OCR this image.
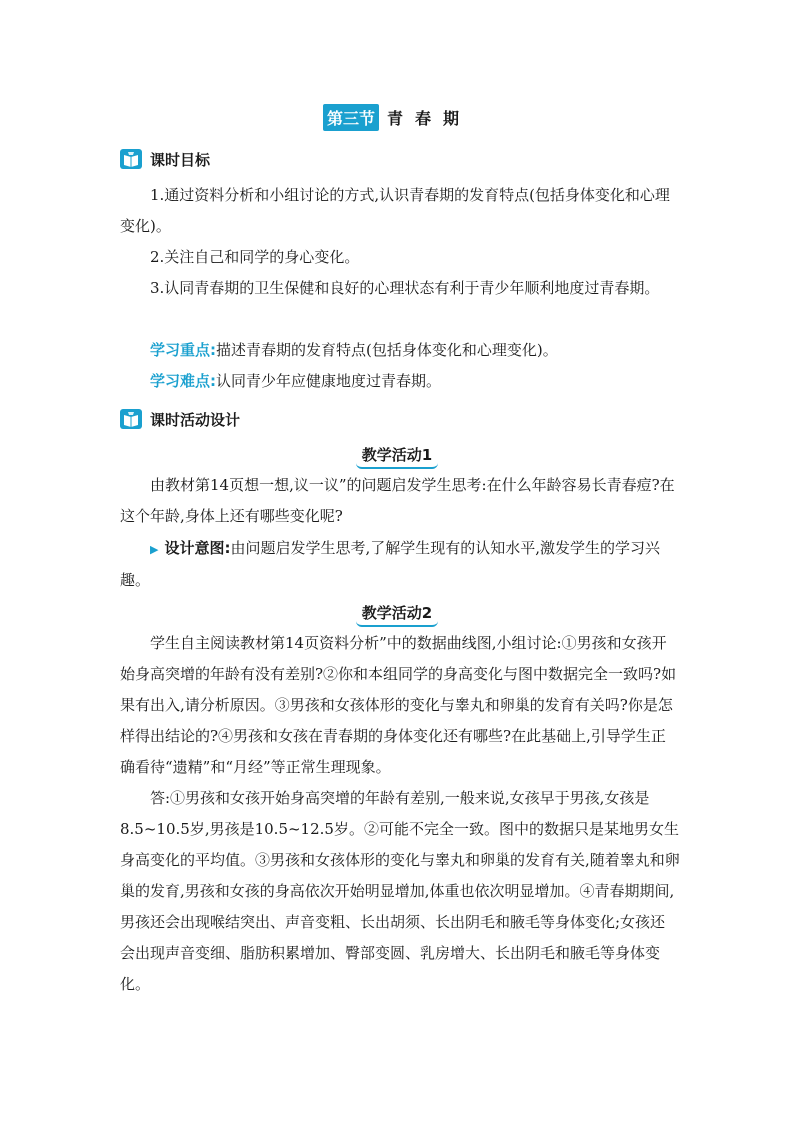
第三节 青春期
课时目标

1.通过资料分析和小组讨论的方式,认识青春期的发育特点(包括身体变化和心理变化)。

2.关注自己和同学的身心变化。

3.认同青春期的卫生保健和良好的心理状态有利于青少年顺利地度过青春期。

学习重点:描述青春期的发育特点(包括身体变化和心理变化)。

学习难点:认同青少年应健康地度过青春期。

课时活动设计
教学活动1

由教材第14页想一想,议一议”的问题启发学生思考:在什么年龄容易长青春痘?在这个年龄,身体上还有哪些变化呢?

▶ 设计意图:由问题启发学生思考,了解学生现有的认知水平,激发学生的学习兴趣。

教学活动2

学生自主阅读教材第14页资料分析”中的数据曲线图,小组讨论:①男孩和女孩开始身高突增的年龄有没有差别?②你和本组同学的身高变化与图中数据完全一致吗?如果有出入,请分析原因。③男孩和女孩体形的变化与睾丸和卵巢的发育有关吗?你是怎样得出结论的?④男孩和女孩在青春期的身体变化还有哪些?在此基础上,引导学生正确看待“遗精”和“月经”等正常生理现象。

答:①男孩和女孩开始身高突增的年龄有差别,一般来说,女孩早于男孩,女孩是8.5~10.5岁,男孩是10.5~12.5岁。②可能不完全一致。图中的数据只是某地男女生身高变化的平均值。③男孩和女孩体形的变化与睾丸和卵巢的发育有关,随着睾丸和卵巢的发育,男孩和女孩的身高依次开始明显增加,体重也依次明显增加。④青春期期间,男孩还会出现喉结突出、声音变粗、长出胡须、长出阴毛和腋毛等身体变化;女孩还会出现声音变细、脂肪积累增加、臀部变圆、乳房增大、长出阴毛和腋毛等身体变化。
